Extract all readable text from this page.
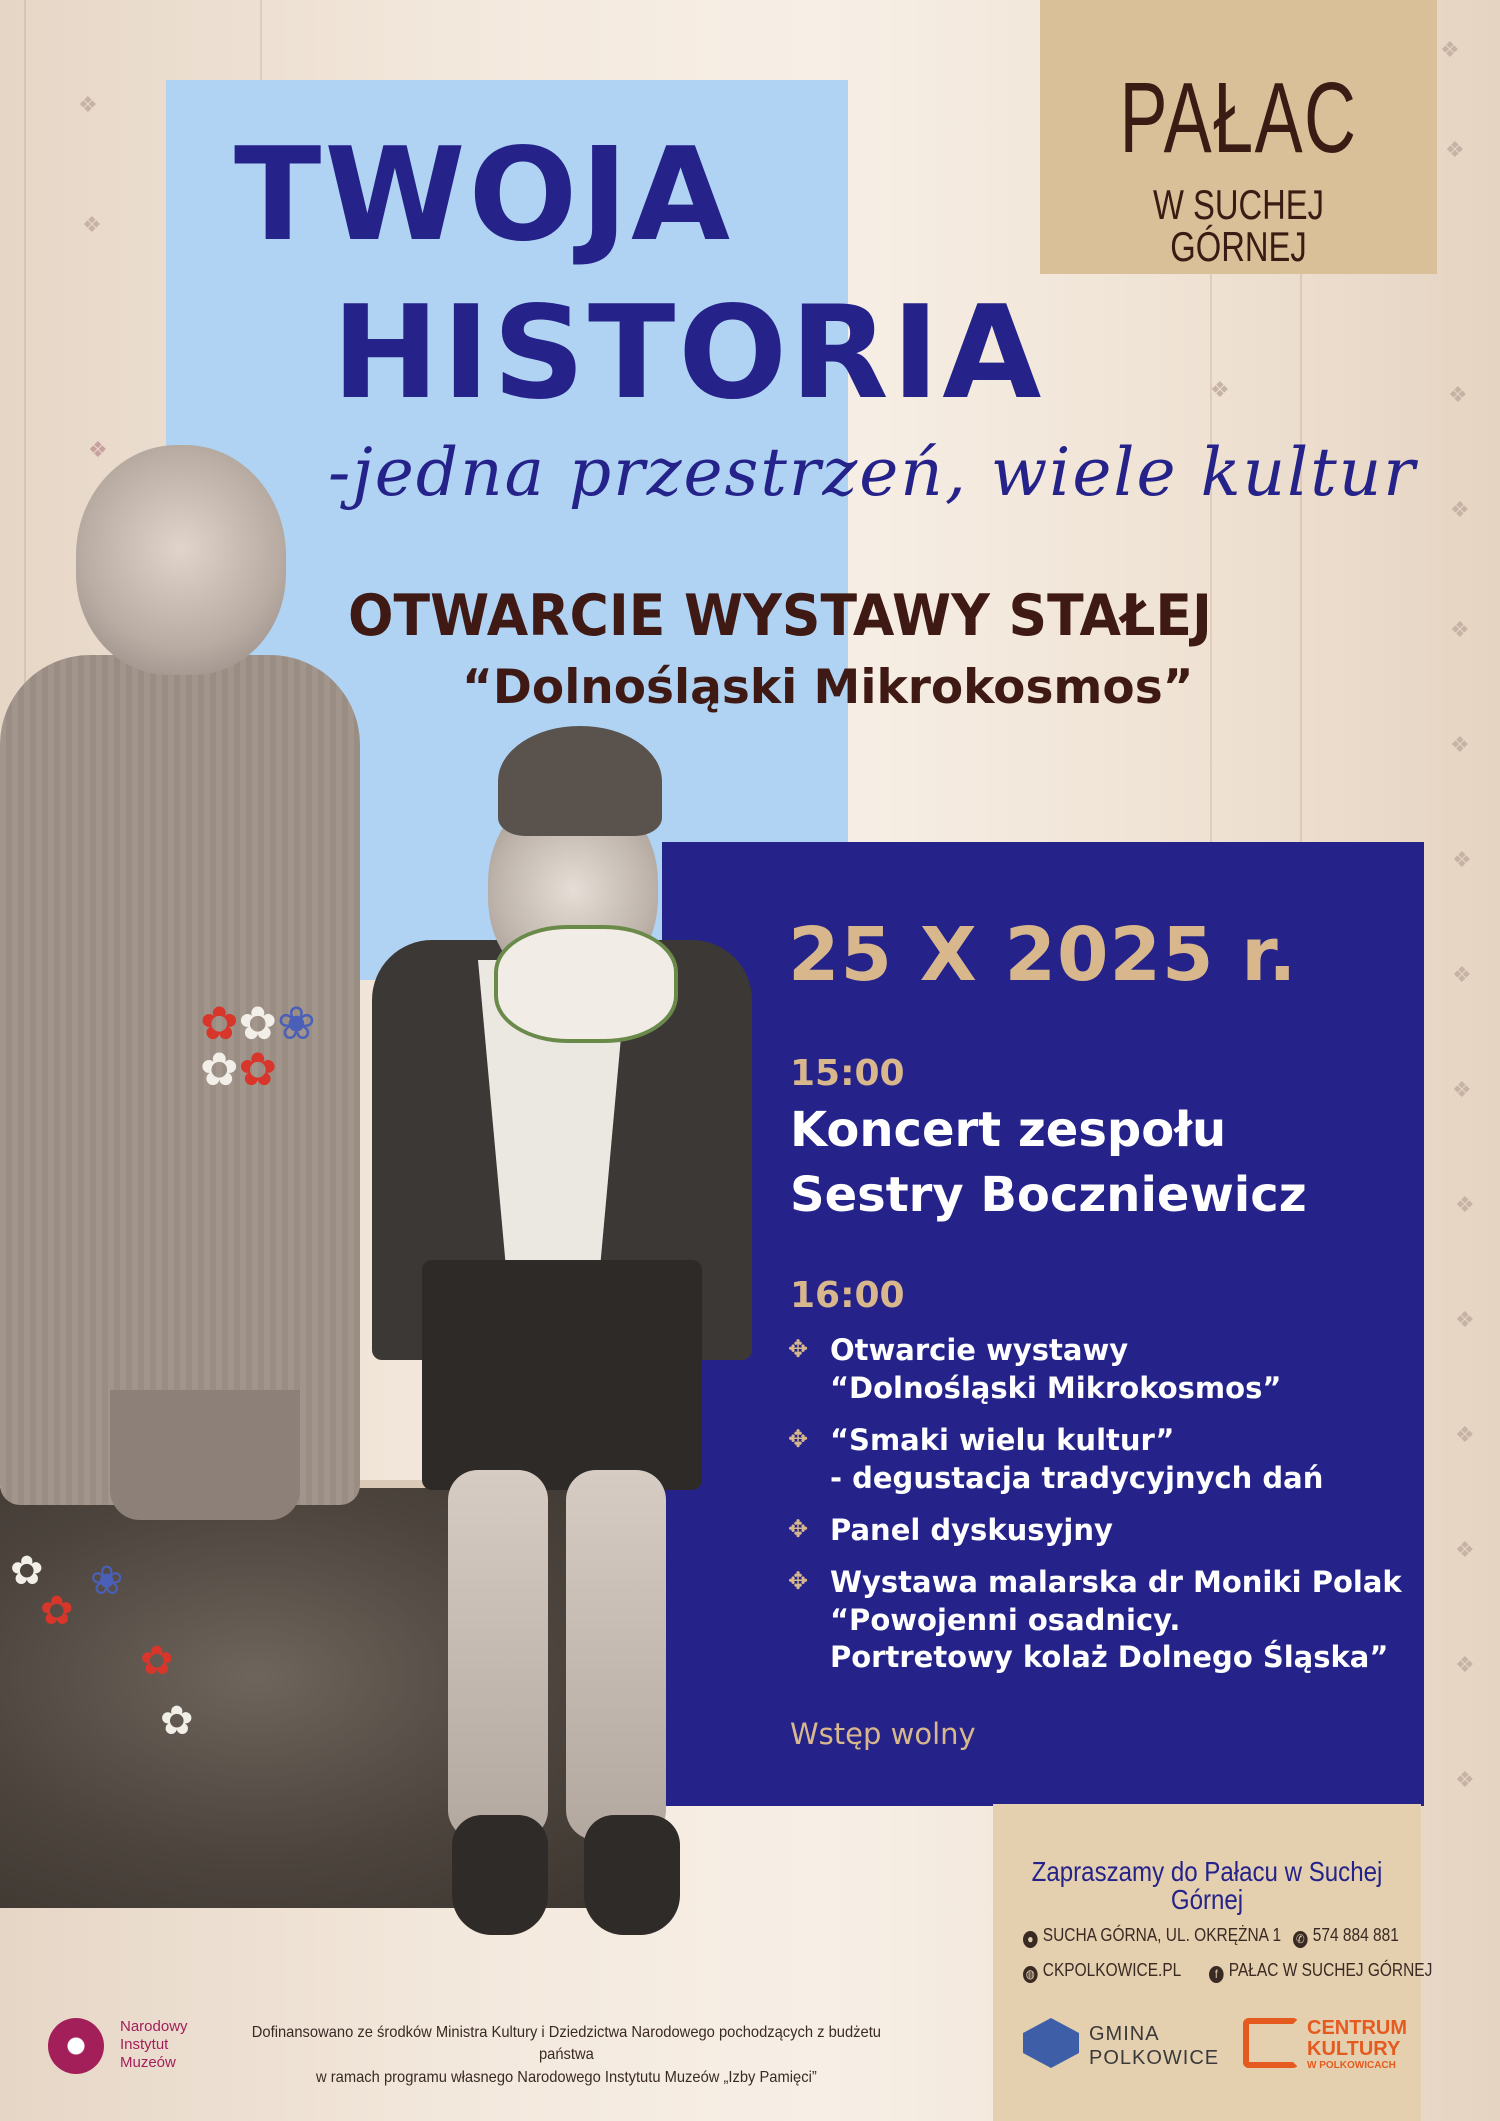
❖
❖
❖
❖
❖
❖
❖
❖
❖
❖
❖
❖
❖
❖
❖
❖
❖
❖
❖
✿
✿
✿
✿ ❀
PAŁAC
W SUCHEJ GÓRNEJ
TWOJA
HISTORIA
-jedna przestrzeń, wiele kultur
OTWARCIE WYSTAWY STAŁEJ
“Dolnośląski Mikrokosmos”
✿✿❀
✿✿
25 X 2025 r.
15:00
Koncert zespołu
Sestry Boczniewicz
16:00
✥ Otwarcie wystawy
“Dolnośląski Mikrokosmos”
✥ “Smaki wielu kultur”
- degustacja tradycyjnych dań
✥ Panel dyskusyjny
✥ Wystawa malarska dr Moniki Polak
“Powojenni osadnicy.
Portretowy kolaż Dolnego Śląska”
Wstęp wolny
Zapraszamy do Pałacu w Suchej Górnej
● SUCHA GÓRNA, UL. OKRĘŻNA 1 ✆ 574 884 881
◍ CKPOLKOWICE.PL	f PAŁAC W SUCHEJ GÓRNEJ
GMINA
POLKOWICE
CENTRUM
KULTURY
W POLKOWICACH
Narodowy
Instytut
Muzeów
Dofinansowano ze środków Ministra Kultury i Dziedzictwa Narodowego pochodzących z budżetu państwa
w ramach programu własnego Narodowego Instytutu Muzeów „Izby Pamięci”
